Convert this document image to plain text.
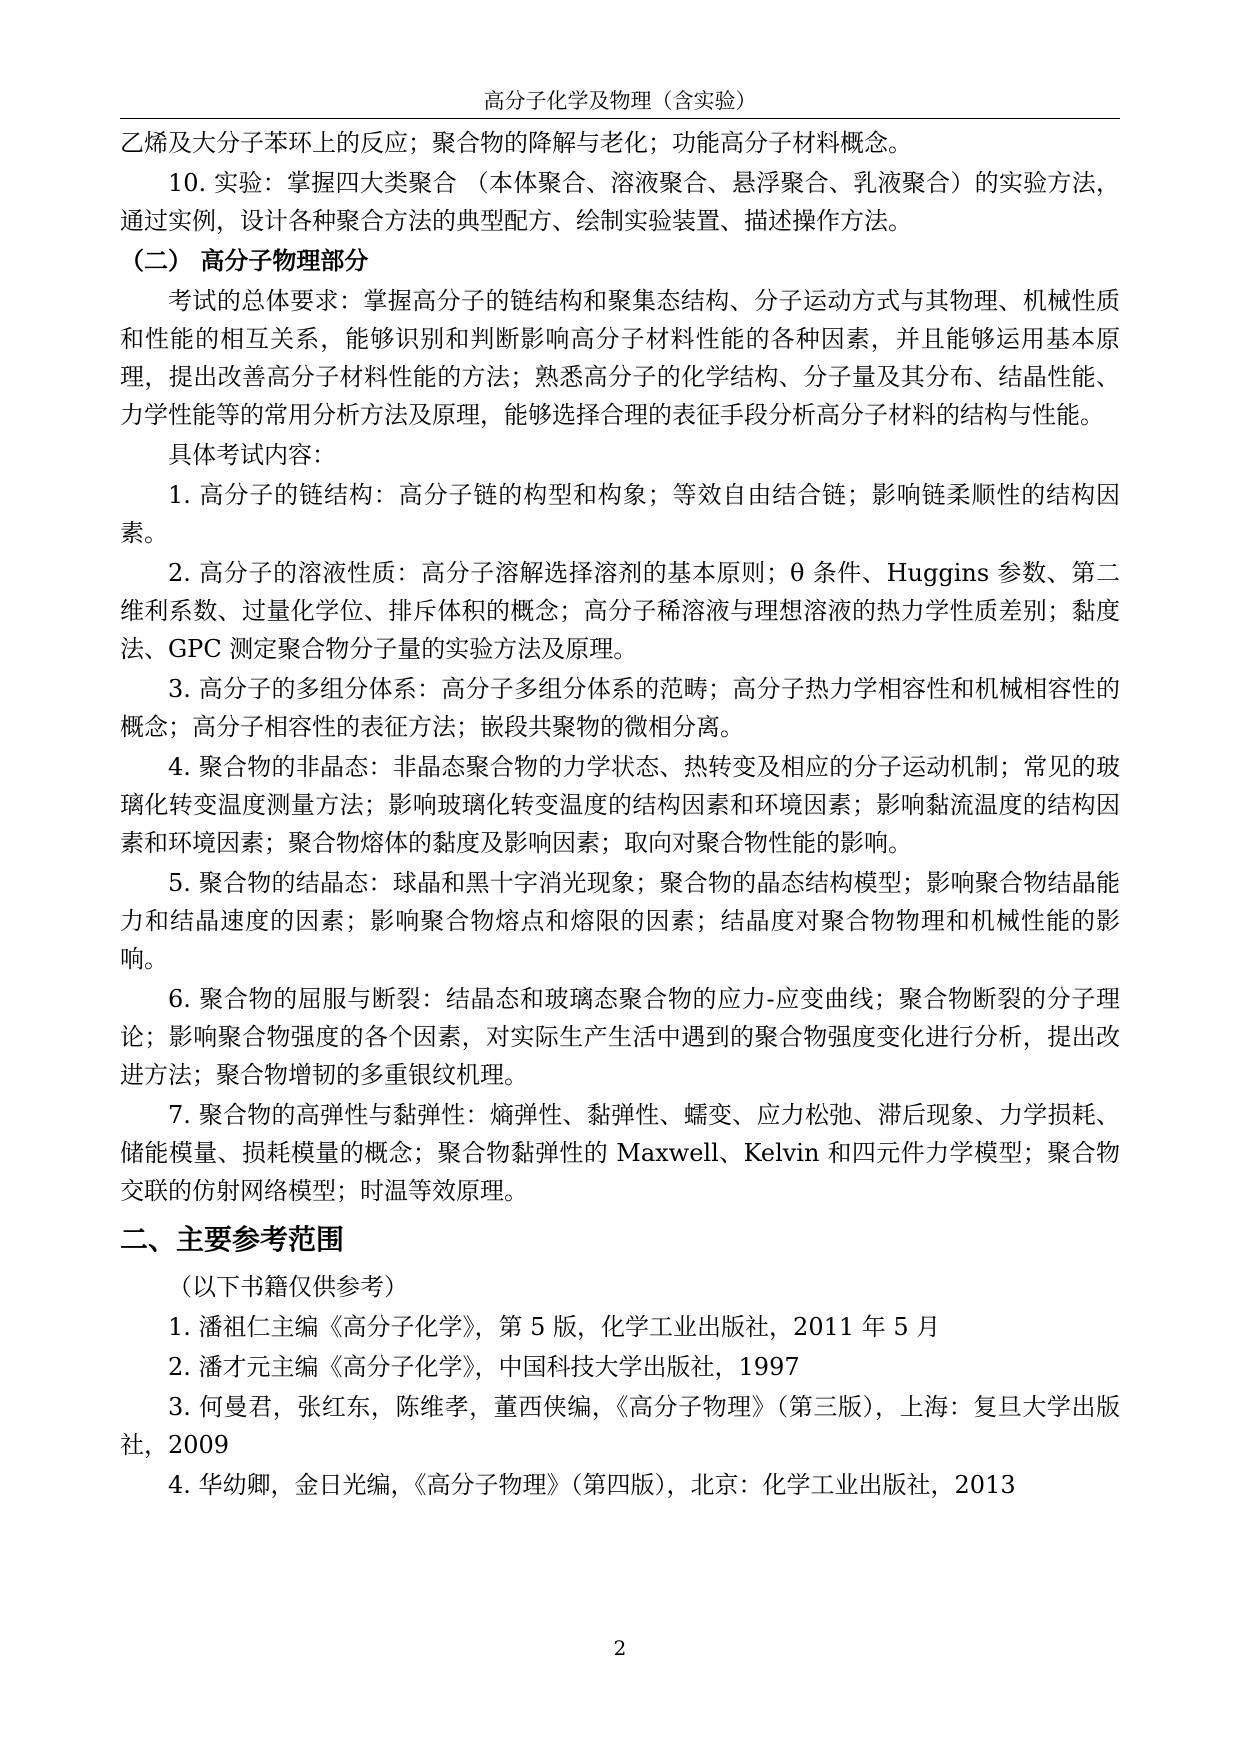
高分子化学及物理（含实验）

乙烯及大分子苯环上的反应；聚合物的降解与老化；功能高分子材料概念。

10. 实验：掌握四大类聚合 （本体聚合、溶液聚合、悬浮聚合、乳液聚合）的实验方法，通过实例，设计各种聚合方法的典型配方、绘制实验装置、描述操作方法。

（二） 高分子物理部分

考试的总体要求：掌握高分子的链结构和聚集态结构、分子运动方式与其物理、机械性质和性能的相互关系，能够识别和判断影响高分子材料性能的各种因素，并且能够运用基本原理，提出改善高分子材料性能的方法；熟悉高分子的化学结构、分子量及其分布、结晶性能、力学性能等的常用分析方法及原理，能够选择合理的表征手段分析高分子材料的结构与性能。

具体考试内容：

1. 高分子的链结构：高分子链的构型和构象；等效自由结合链；影响链柔顺性的结构因素。

2. 高分子的溶液性质：高分子溶解选择溶剂的基本原则；θ 条件、Huggins 参数、第二维利系数、过量化学位、排斥体积的概念；高分子稀溶液与理想溶液的热力学性质差别；黏度法、GPC 测定聚合物分子量的实验方法及原理。

3. 高分子的多组分体系：高分子多组分体系的范畴；高分子热力学相容性和机械相容性的概念；高分子相容性的表征方法；嵌段共聚物的微相分离。

4. 聚合物的非晶态：非晶态聚合物的力学状态、热转变及相应的分子运动机制；常见的玻璃化转变温度测量方法；影响玻璃化转变温度的结构因素和环境因素；影响黏流温度的结构因素和环境因素；聚合物熔体的黏度及影响因素；取向对聚合物性能的影响。

5. 聚合物的结晶态：球晶和黑十字消光现象；聚合物的晶态结构模型；影响聚合物结晶能力和结晶速度的因素；影响聚合物熔点和熔限的因素；结晶度对聚合物物理和机械性能的影响。

6. 聚合物的屈服与断裂：结晶态和玻璃态聚合物的应力-应变曲线；聚合物断裂的分子理论；影响聚合物强度的各个因素，对实际生产生活中遇到的聚合物强度变化进行分析，提出改进方法；聚合物增韧的多重银纹机理。

7. 聚合物的高弹性与黏弹性：熵弹性、黏弹性、蠕变、应力松弛、滞后现象、力学损耗、储能模量、损耗模量的概念；聚合物黏弹性的 Maxwell、Kelvin 和四元件力学模型；聚合物交联的仿射网络模型；时温等效原理。

二、主要参考范围

（以下书籍仅供参考）

1. 潘祖仁主编《高分子化学》，第 5 版，化学工业出版社，2011 年 5 月

2. 潘才元主编《高分子化学》，中国科技大学出版社，1997

3. 何曼君，张红东，陈维孝，董西侠编，《高分子物理》（第三版），上海：复旦大学出版社，2009

4. 华幼卿，金日光编，《高分子物理》（第四版），北京：化学工业出版社，2013

2
